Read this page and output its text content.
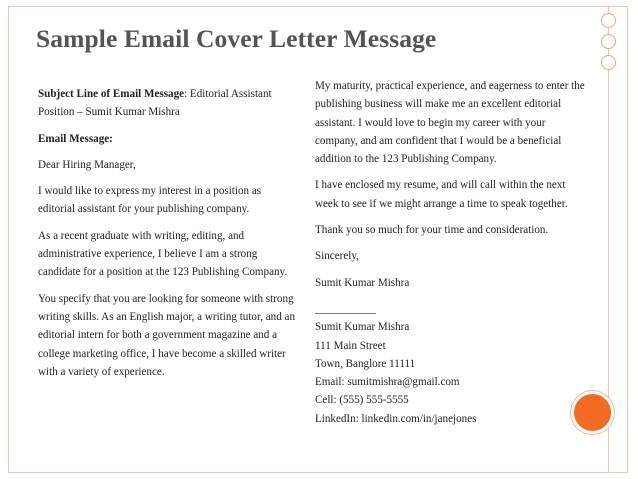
Sample Email Cover Letter Message

Subject Line of Email Message: Editorial Assistant Position – Sumit Kumar Mishra

Email Message:

Dear Hiring Manager,

I would like to express my interest in a position as editorial assistant for your publishing company.

As a recent graduate with writing, editing, and administrative experience, I believe I am a strong candidate for a position at the 123 Publishing Company.

You specify that you are looking for someone with strong writing skills. As an English major, a writing tutor, and an editorial intern for both a government magazine and a college marketing office, I have become a skilled writer with a variety of experience.

My maturity, practical experience, and eagerness to enter the publishing business will make me an excellent editorial assistant. I would love to begin my career with your company, and am confident that I would be a beneficial addition to the 123 Publishing Company.

I have enclosed my resume, and will call within the next week to see if we might arrange a time to speak together.

Thank you so much for your time and consideration.

Sincerely,

Sumit Kumar Mishra

___________

Sumit Kumar Mishra

111 Main Street

Town, Banglore 11111

Email: sumitmishra@gmail.com

Cell: (555) 555-5555

LinkedIn: linkedin.com/in/janejones
